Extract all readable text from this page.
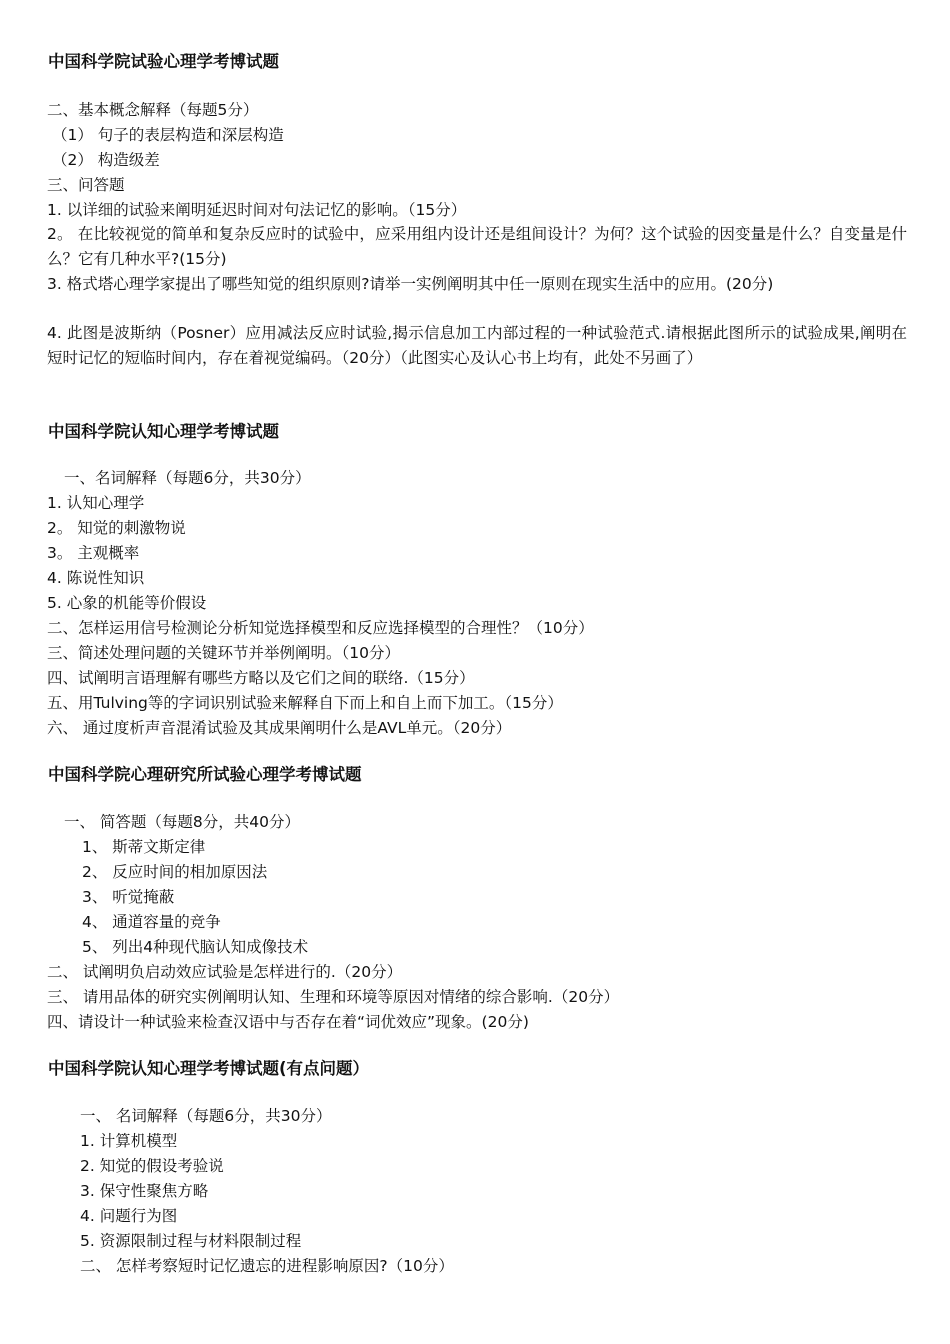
中国科学院试验心理学考博试题
二、基本概念解释（每题5分）
（1） 句子的表层构造和深层构造
（2） 构造级差
三、问答题
1. 以详细的试验来阐明延迟时间对句法记忆的影响。（15分）
2。 在比较视觉的简单和复杂反应时的试验中，应采用组内设计还是组间设计？为何？这个试验的因变量是什么？自变量是什么？它有几种水平?(15分)
3. 格式塔心理学家提出了哪些知觉的组织原则?请举一实例阐明其中任一原则在现实生活中的应用。(20分)
4. 此图是波斯纳（Posner）应用减法反应时试验,揭示信息加工内部过程的一种试验范式.请根据此图所示的试验成果,阐明在短时记忆的短临时间内，存在着视觉编码。（20分）（此图实心及认心书上均有，此处不另画了）
中国科学院认知心理学考博试题
一、名词解释（每题6分，共30分）
1. 认知心理学
2。 知觉的刺激物说
3。 主观概率
4. 陈说性知识
5. 心象的机能等价假设
二、怎样运用信号检测论分析知觉选择模型和反应选择模型的合理性？（10分）
三、简述处理问题的关键环节并举例阐明。（10分）
四、试阐明言语理解有哪些方略以及它们之间的联络.（15分）
五、用Tulving等的字词识别试验来解释自下而上和自上而下加工。（15分）
六、 通过度析声音混淆试验及其成果阐明什么是AVL单元。（20分）
中国科学院心理研究所试验心理学考博试题
一、 简答题（每题8分，共40分）
1、 斯蒂文斯定律
2、 反应时间的相加原因法
3、 听觉掩蔽
4、 通道容量的竞争
5、 列出4种现代脑认知成像技术
二、 试阐明负启动效应试验是怎样进行的.（20分）
三、 请用品体的研究实例阐明认知、生理和环境等原因对情绪的综合影响.（20分）
四、请设计一种试验来检查汉语中与否存在着“词优效应”现象。(20分)
中国科学院认知心理学考博试题(有点问题）
一、 名词解释（每题6分，共30分）
1. 计算机模型
2. 知觉的假设考验说
3. 保守性聚焦方略
4. 问题行为图
5. 资源限制过程与材料限制过程
二、 怎样考察短时记忆遗忘的进程影响原因?（10分）
